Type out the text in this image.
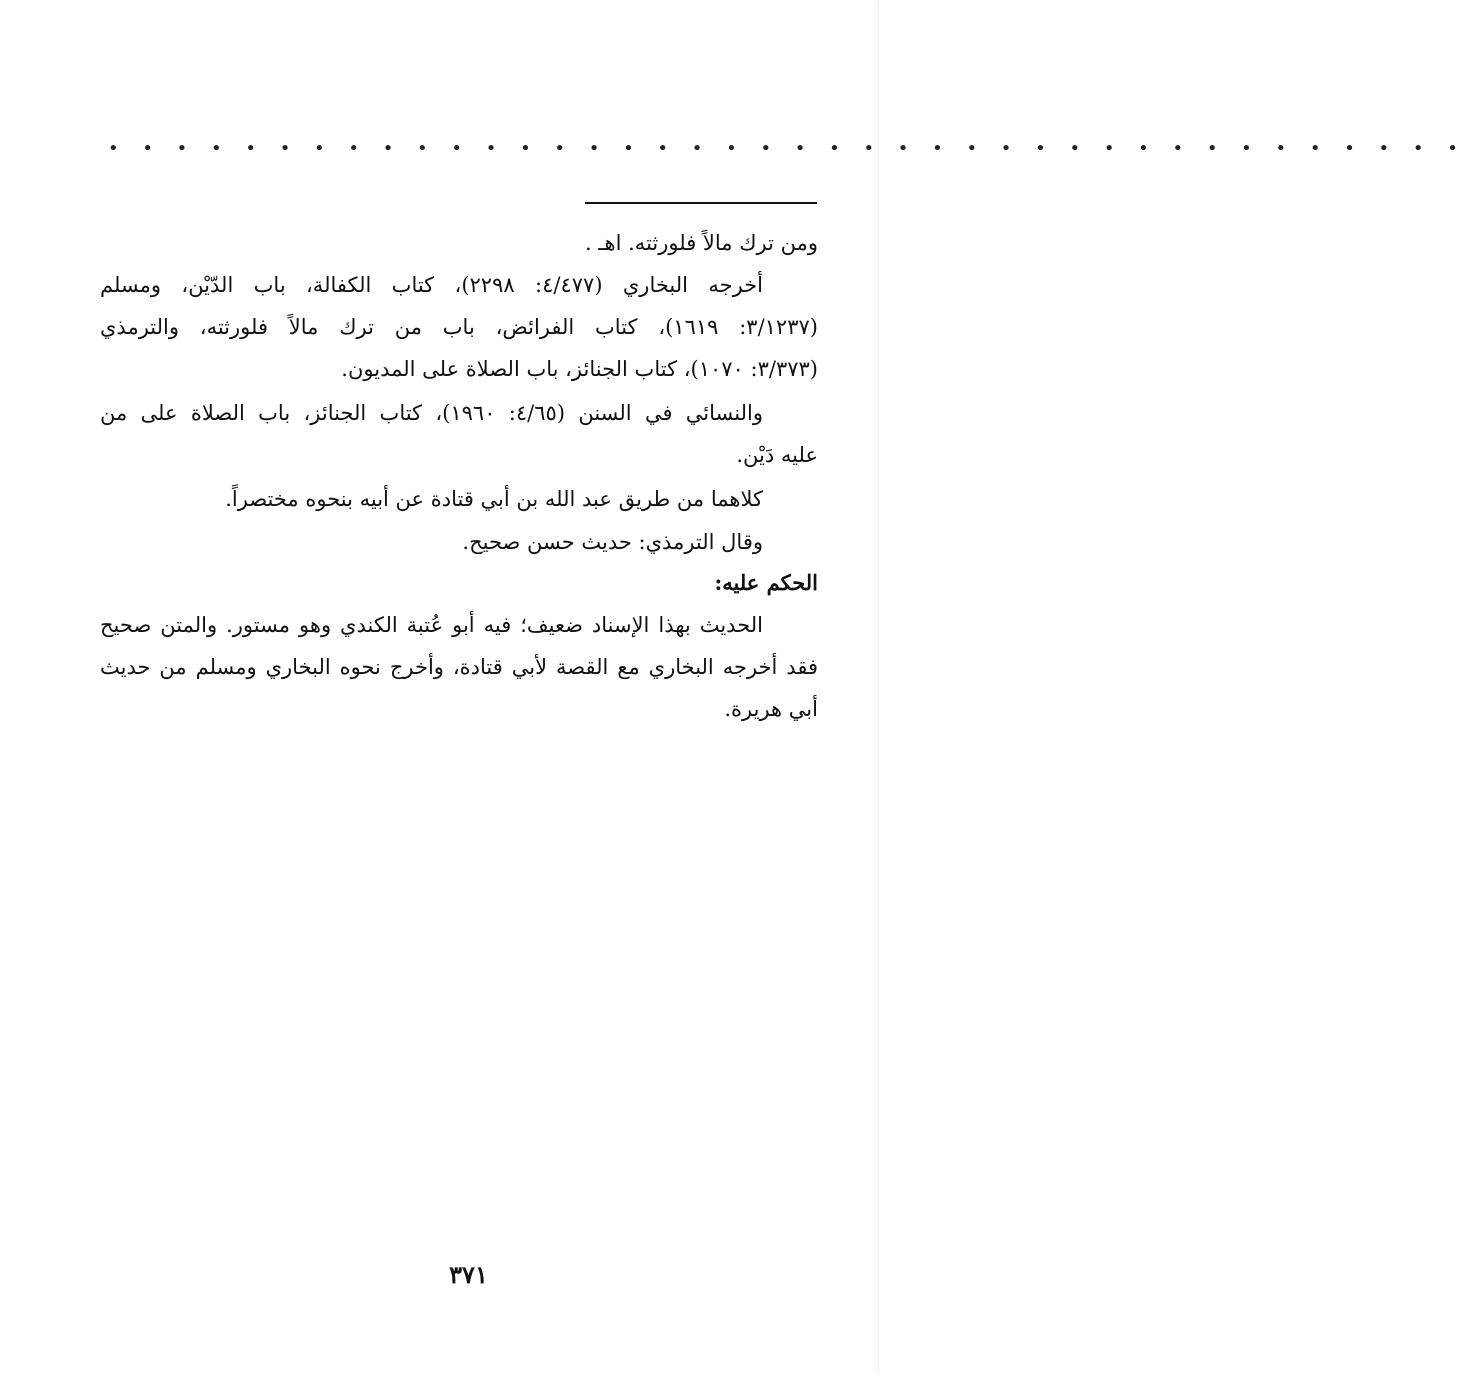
• • • • • • • • • • • • • • • • • • • • • • • • • • • • • • • • • • • • • • • •
ومن ترك مالاً فلورثته. اهـ .
أخرجه البخاري (٤/٤٧٧: ٢٢٩٨)، كتاب الكفالة، باب الدّيْن، ومسلم
(٣/١٢٣٧: ١٦١٩)، كتاب الفرائض، باب من ترك مالاً فلورثته، والترمذي
(٣/٣٧٣: ١٠٧٠)، كتاب الجنائز، باب الصلاة على المديون.
والنسائي في السنن (٤/٦٥: ١٩٦٠)، كتاب الجنائز، باب الصلاة على من
عليه دَيْن.
كلاهما من طريق عبد الله بن أبي قتادة عن أبيه بنحوه مختصراً.
وقال الترمذي: حديث حسن صحيح.
الحكم عليه:
الحديث بهذا الإسناد ضعيف؛ فيه أبو عُتبة الكندي وهو مستور. والمتن صحيح
فقد أخرجه البخاري مع القصة لأبي قتادة، وأخرج نحوه البخاري ومسلم من حديث
أبي هريرة.
٣٧١
